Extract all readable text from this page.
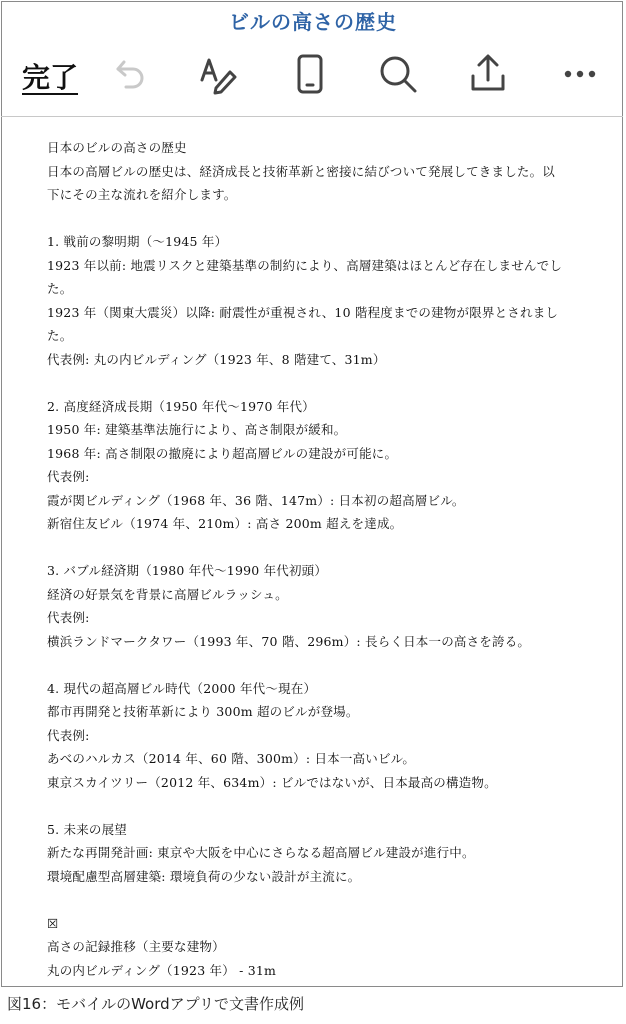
ビルの高さの歴史
完了
日本のビルの高さの歴史
日本の高層ビルの歴史は、経済成長と技術革新と密接に結びついて発展してきました。以
下にその主な流れを紹介します。
1. 戦前の黎明期（〜1945 年）
1923 年以前: 地震リスクと建築基準の制約により、高層建築はほとんど存在しませんでし
た。
1923 年（関東大震災）以降: 耐震性が重視され、10 階程度までの建物が限界とされまし
た。
代表例: 丸の内ビルディング（1923 年、8 階建て、31m）
2. 高度経済成長期（1950 年代〜1970 年代）
1950 年: 建築基準法施行により、高さ制限が緩和。
1968 年: 高さ制限の撤廃により超高層ビルの建設が可能に。
代表例:
霞が関ビルディング（1968 年、36 階、147m）: 日本初の超高層ビル。
新宿住友ビル（1974 年、210m）: 高さ 200m 超えを達成。
3. バブル経済期（1980 年代〜1990 年代初頭）
経済の好景気を背景に高層ビルラッシュ。
代表例:
横浜ランドマークタワー（1993 年、70 階、296m）: 長らく日本一の高さを誇る。
4. 現代の超高層ビル時代（2000 年代〜現在）
都市再開発と技術革新により 300m 超のビルが登場。
代表例:
あべのハルカス（2014 年、60 階、300m）: 日本一高いビル。
東京スカイツリー（2012 年、634m）: ビルではないが、日本最高の構造物。
5. 未来の展望
新たな再開発計画: 東京や大阪を中心にさらなる超高層ビル建設が進行中。
環境配慮型高層建築: 環境負荷の少ない設計が主流に。
☒
高さの記録推移（主要な建物）
丸の内ビルディング（1923 年） - 31m
図16：モバイルのWordアプリで文書作成例
